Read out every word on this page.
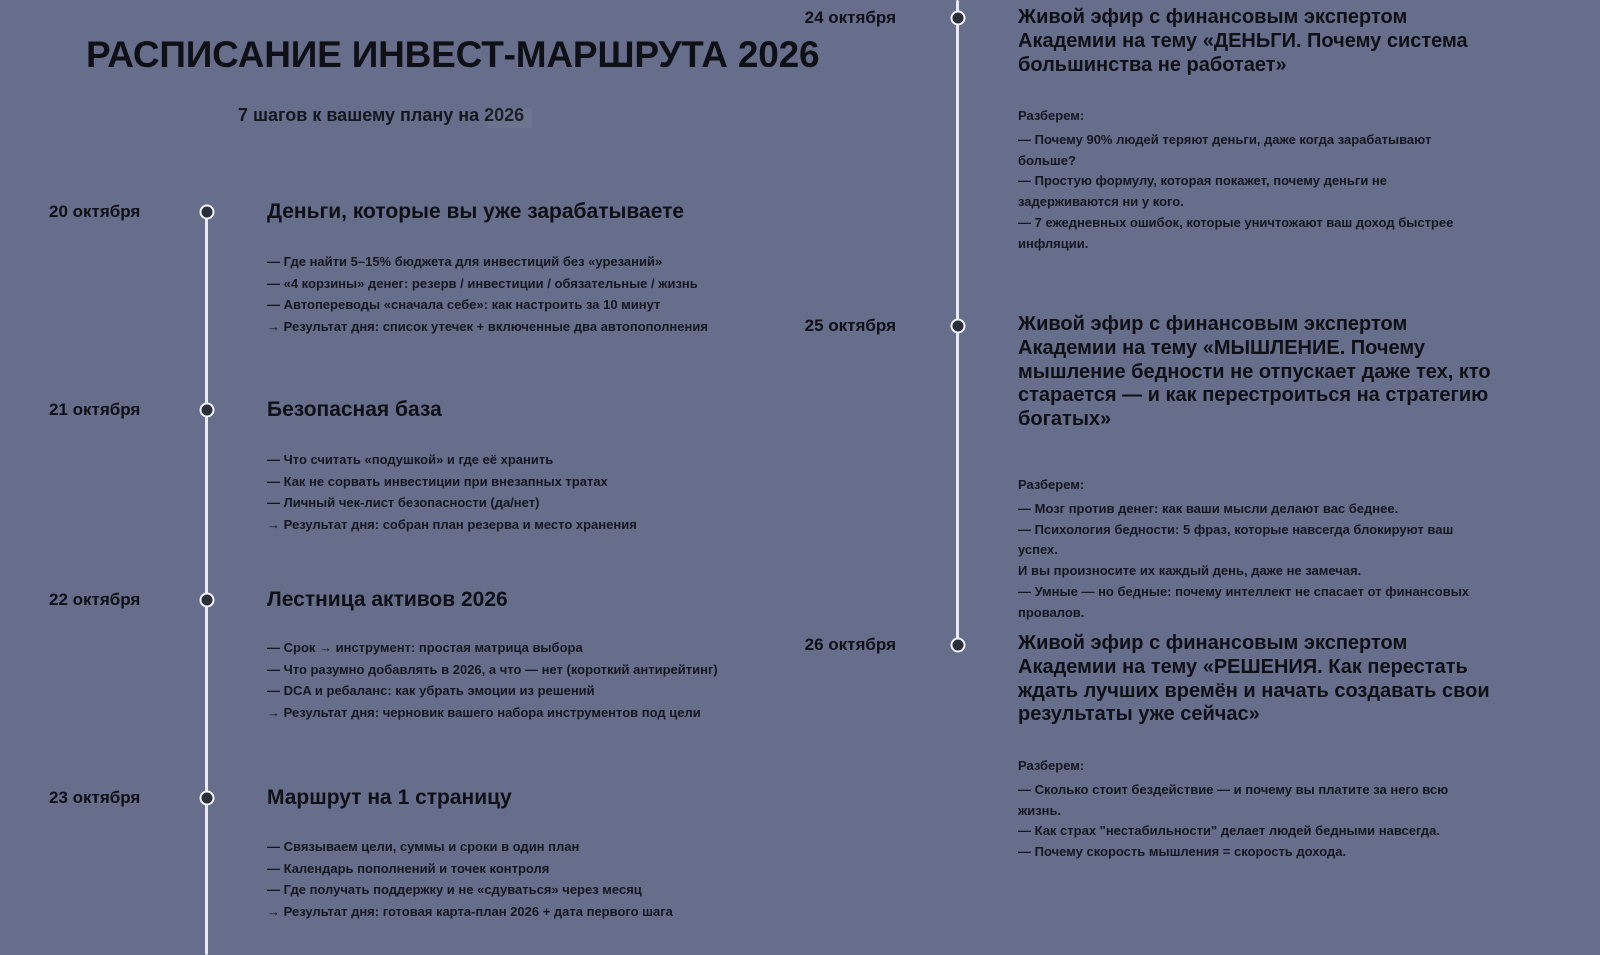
РАСПИСАНИЕ ИНВЕСТ-МАРШРУТА 2026
7 шагов к вашему плану на 2026
20 октября	Деньги, которые вы уже зарабатываете

— Где найти 5–15% бюджета для инвестиций без «урезаний»

— «4 корзины» денег: резерв / инвестиции / обязательные / жизнь

— Автопереводы «сначала себе»: как настроить за 10 минут

→ Результат дня: список утечек + включенные два автопополнения

21 октября	Безопасная база

— Что считать «подушкой» и где её хранить

— Как не сорвать инвестиции при внезапных тратах

— Личный чек-лист безопасности (да/нет)

→ Результат дня: собран план резерва и место хранения

22 октября	Лестница активов 2026

— Срок → инструмент: простая матрица выбора

— Что разумно добавлять в 2026, а что — нет (короткий антирейтинг)

— DCA и ребаланс: как убрать эмоции из решений

→ Результат дня: черновик вашего набора инструментов под цели

23 октября	Маршрут на 1 страницу

— Связываем цели, суммы и сроки в один план

— Календарь пополнений и точек контроля

— Где получать поддержку и не «сдуваться» через месяц

→ Результат дня: готовая карта-план 2026 + дата первого шага

24 октября	Живой эфир с финансовым экспертом Академии на тему «ДЕНЬГИ. Почему система большинства не работает»

Разберем:

— Почему 90% людей теряют деньги, даже когда зарабатывают больше?

— Простую формулу, которая покажет, почему деньги не задерживаются ни у кого.

— 7 ежедневных ошибок, которые уничтожают ваш доход быстрее инфляции.

25 октября	Живой эфир с финансовым экспертом Академии на тему «МЫШЛЕНИЕ. Почему мышление бедности не отпускает даже тех, кто старается — и как перестроиться на стратегию богатых»

Разберем:

— Мозг против денег: как ваши мысли делают вас беднее.

— Психология бедности: 5 фраз, которые навсегда блокируют ваш успех.

И вы произносите их каждый день, даже не замечая.

— Умные — но бедные: почему интеллект не спасает от финансовых провалов.

26 октября	Живой эфир с финансовым экспертом Академии на тему «РЕШЕНИЯ. Как перестать ждать лучших времён и начать создавать свои результаты уже сейчас»

Разберем:

— Сколько стоит бездействие — и почему вы платите за него всю жизнь.

— Как страх "нестабильности" делает людей бедными навсегда.

— Почему скорость мышления = скорость дохода.
